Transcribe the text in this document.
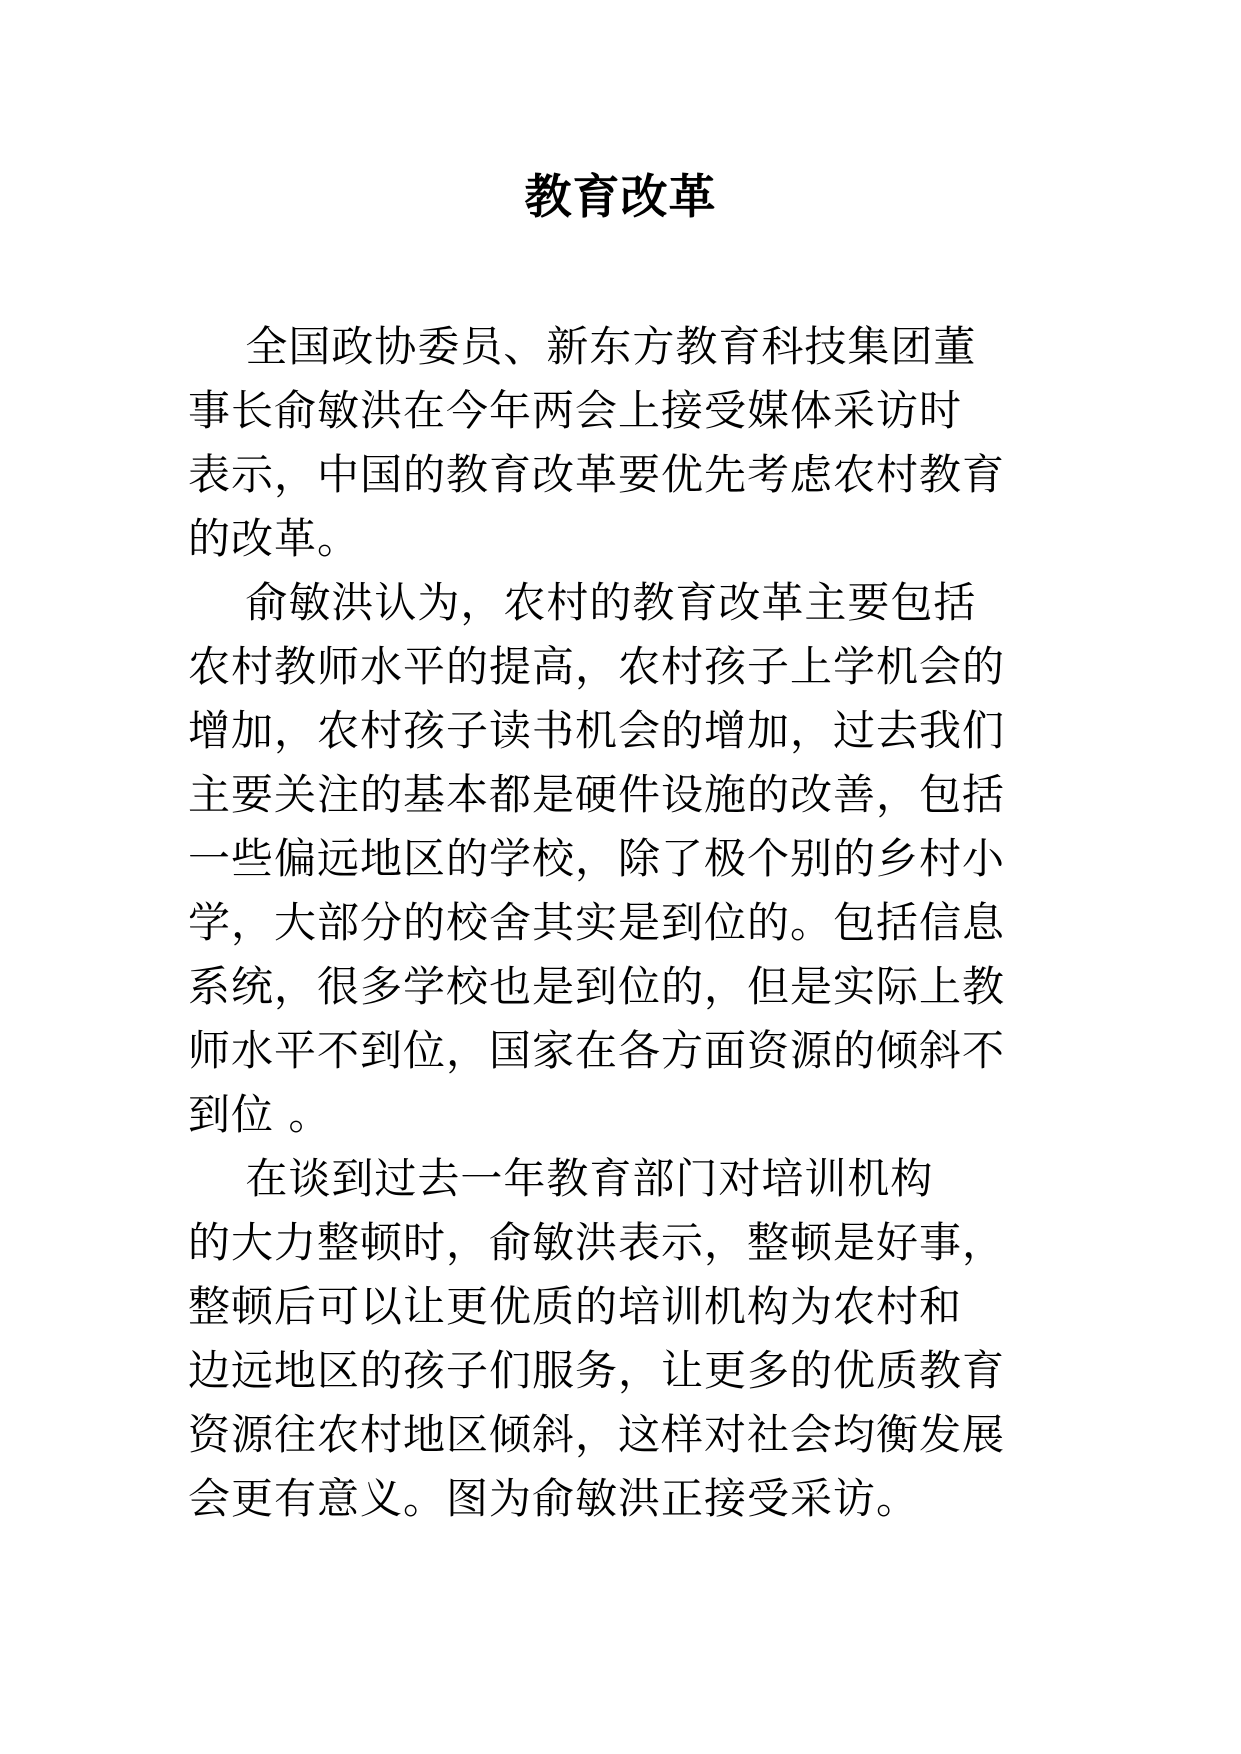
教育改革

全国政协委员、新东方教育科技集团董
事长俞敏洪在今年两会上接受媒体采访时
表示，中国的教育改革要优先考虑农村教育
的改革。

俞敏洪认为，农村的教育改革主要包括
农村教师水平的提高，农村孩子上学机会的
增加，农村孩子读书机会的增加，过去我们
主要关注的基本都是硬件设施的改善，包括
一些偏远地区的学校，除了极个别的乡村小
学，大部分的校舍其实是到位的。包括信息
系统，很多学校也是到位的，但是实际上教
师水平不到位，国家在各方面资源的倾斜不
到位 。

在谈到过去一年教育部门对培训机构
的大力整顿时，俞敏洪表示，整顿是好事，
整顿后可以让更优质的培训机构为农村和
边远地区的孩子们服务，让更多的优质教育
资源往农村地区倾斜，这样对社会均衡发展
会更有意义。图为俞敏洪正接受采访。
